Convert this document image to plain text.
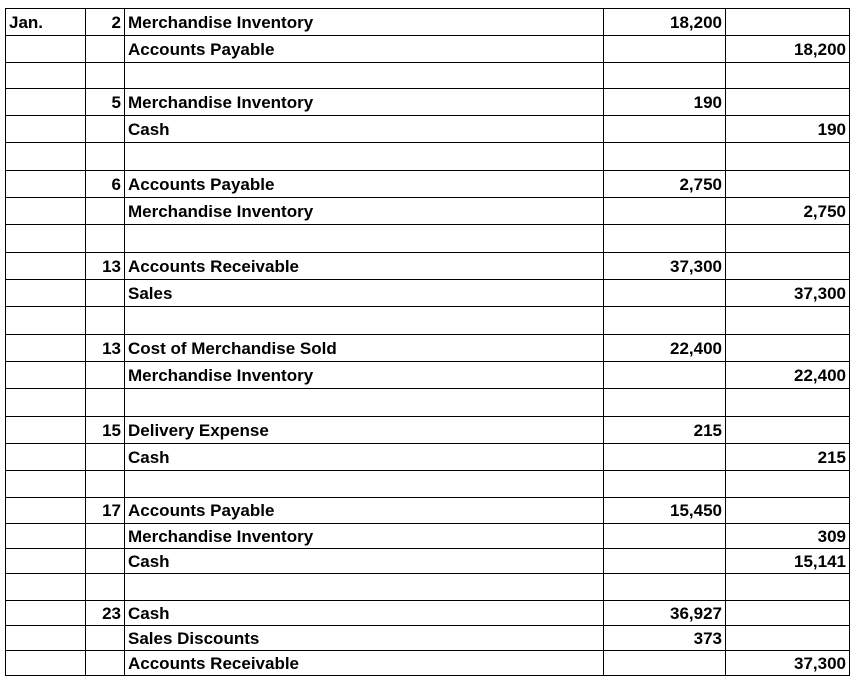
Jan.	2	Merchandise Inventory	18,200	
		Accounts Payable		18,200

	5	Merchandise Inventory	190	
		Cash		190

	6	Accounts Payable	2,750	
		Merchandise Inventory		2,750

	13	Accounts Receivable	37,300	
		Sales		37,300

	13	Cost of Merchandise Sold	22,400	
		Merchandise Inventory		22,400

	15	Delivery Expense	215	
		Cash		215

	17	Accounts Payable	15,450	
		Merchandise Inventory		309
		Cash		15,141

	23	Cash	36,927	
		Sales Discounts	373	
		Accounts Receivable		37,300
